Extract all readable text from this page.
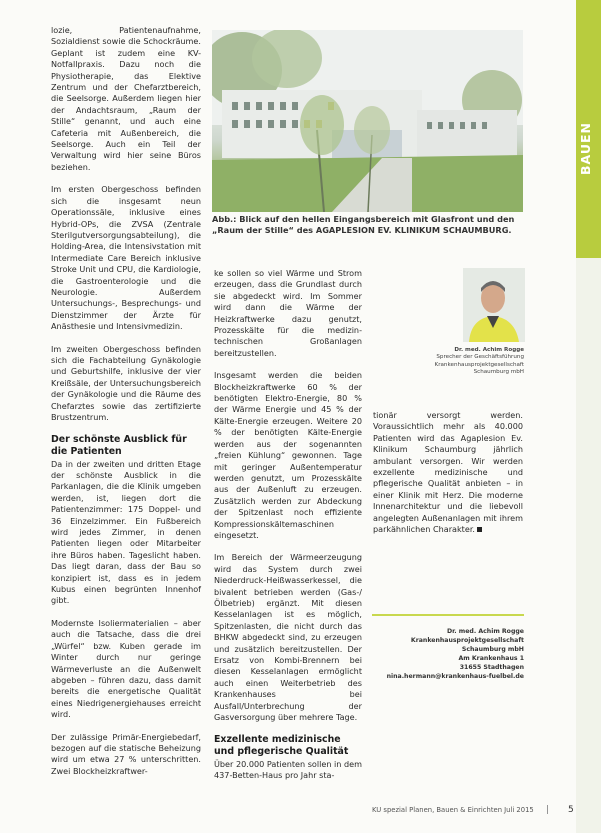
lozie, Patientenaufnahme, Sozialdienst sowie die Schockräume. Geplant ist zudem eine KV-Notfallpraxis. Dazu noch die Physiotherapie, das Elektive Zentrum und der Chefarztbereich, die Seelsorge. Außerdem liegen hier der Andachtsraum, „Raum der Stille“ genannt, und auch eine Cafeteria mit Außenbereich, die Seelsorge. Auch ein Teil der Verwaltung wird hier seine Büros beziehen.

Im ersten Obergeschoss befinden sich die insgesamt neun Operationssäle, inklusive eines Hybrid-OPs, die ZVSA (Zentrale Sterilgutversorgungsabteilung), die Holding-Area, die Intensivstation mit Intermediate Care Bereich inklusive Stroke Unit und CPU, die Kardiologie, die Gastroenterologie und die Neurologie. Außerdem Untersuchungs-, Besprechungs- und Dienstzimmer der Ärzte für Anästhesie und Intensivmedizin.

Im zweiten Obergeschoss befinden sich die Fachabteilung Gynäkologie und Geburtshilfe, inklusive der vier Kreißsäle, der Untersuchungsbereich der Gynäkologie und die Räume des Chefarztes sowie das zertifizierte Brustzentrum.

Der schönste Ausblick für die Patienten

Da in der zweiten und dritten Etage der schönste Ausblick in die Parkanlagen, die die Klinik umgeben werden, ist, liegen dort die Patientenzimmer: 175 Doppel- und 36 Einzelzimmer. Ein Fußbereich wird jedes Zimmer, in denen Patienten liegen oder Mitarbeiter ihre Büros haben. Tageslicht haben. Das liegt daran, dass der Bau so konzipiert ist, dass es in jedem Kubus einen begrünten Innenhof gibt.

Modernste Isoliermaterialien – aber auch die Tatsache, dass die drei „Würfel“ bzw. Kuben gerade im Winter durch nur geringe Wärmeverluste an die Außenwelt abgeben – führen dazu, dass damit bereits die energetische Qualität eines Niedrigenergiehauses erreicht wird.

Der zulässige Primär-Energiebedarf, bezogen auf die statische Beheizung wird um etwa 27 % unterschritten. Zwei Blockheizkraftwer-

Abb.: Blick auf den hellen Eingangsbereich mit Glasfront und den „Raum der Stille“ des AGAPLESION EV. KLINIKUM SCHAUMBURG.
BAUEN

ke sollen so viel Wärme und Strom erzeugen, dass die Grundlast durch sie abgedeckt wird. Im Sommer wird dann die Wärme der Heizkraftwerke dazu genutzt, Prozesskälte für die medizin-technischen Großanlagen bereitzustellen.

Insgesamt werden die beiden Blockheizkraftwerke 60 % der benötigten Elektro-Energie, 80 % der Wärme Energie und 45 % der Kälte-Energie erzeugen. Weitere 20 % der benötigten Kälte-Energie werden aus der sogenannten „freien Kühlung“ gewonnen. Tage mit geringer Außentemperatur werden genutzt, um Prozesskälte aus der Außenluft zu erzeugen. Zusätzlich werden zur Abdeckung der Spitzenlast noch effiziente Kompressionskältemaschinen eingesetzt.

Im Bereich der Wärmeerzeugung wird das System durch zwei Niederdruck-Heißwasserkessel, die bivalent betrieben werden (Gas-/Ölbetrieb) ergänzt. Mit diesen Kesselanlagen ist es möglich, Spitzenlasten, die nicht durch das BHKW abgedeckt sind, zu erzeugen und zusätzlich bereitzustellen. Der Ersatz von Kombi-Brennern bei diesen Kesselanlagen ermöglicht auch einen Weiterbetrieb des Krankenhauses bei Ausfall/Unterbrechung der Gasversorgung über mehrere Tage.

Exzellente medizinische und pflegerische Qualität

Über 20.000 Patienten sollen in dem 437-Betten-Haus pro Jahr sta-

Dr. med. Achim Rogge
Sprecher der Geschäftsführung Krankenhausprojektgesellschaft Schaumburg mbH

tionär versorgt werden. Voraussichtlich mehr als 40.000 Patienten wird das Agaplesion Ev. Klinikum Schaumburg jährlich ambulant versorgen. Wir werden exzellente medizinische und pflegerische Qualität anbieten – in einer Klinik mit Herz. Die moderne Innenarchitektur und die liebevoll angelegten Außenanlagen mit ihrem parkähnlichen Charakter.

Dr. med. Achim Rogge
Krankenhausprojektgesellschaft
Schaumburg mbH
Am Krankenhaus 1
31655 Stadthagen
nina.hermann@krankenhaus-fuelbel.de
KU spezial Planen, Bauen & Einrichten Juli 2015 | 5
